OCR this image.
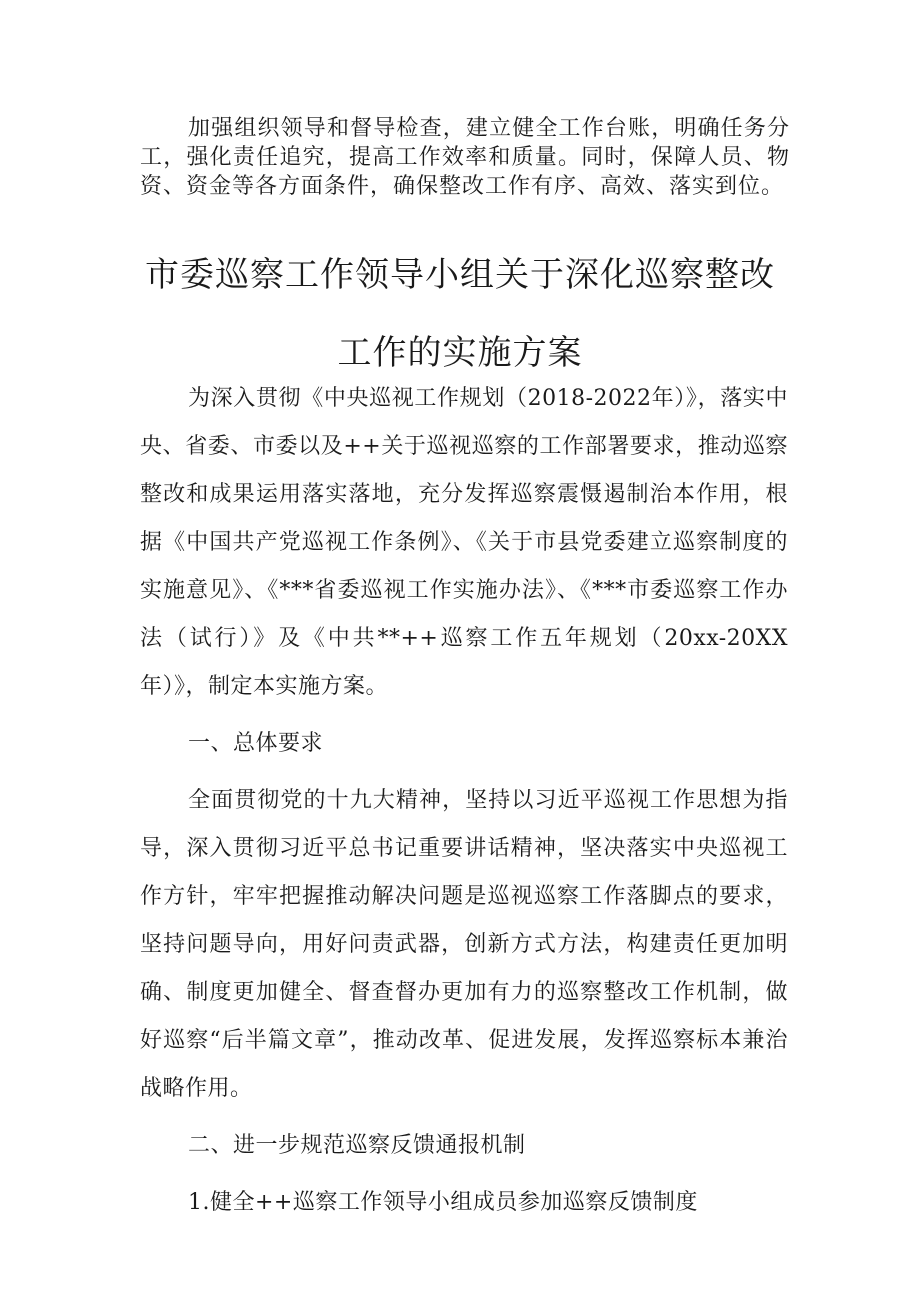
加强组织领导和督导检查，建立健全工作台账，明确任务分工，强化责任追究，提高工作效率和质量。同时，保障人员、物资、资金等各方面条件，确保整改工作有序、高效、落实到位。

市委巡察工作领导小组关于深化巡察整改
工作的实施方案

为深入贯彻《中央巡视工作规划（2018-2022年）》，落实中央、省委、市委以及++关于巡视巡察的工作部署要求，推动巡察整改和成果运用落实落地，充分发挥巡察震慑遏制治本作用，根据《中国共产党巡视工作条例》、《关于市县党委建立巡察制度的实施意见》、《***省委巡视工作实施办法》、《***市委巡察工作办法（试行）》及《中共**++巡察工作五年规划（20xx-20XX年）》，制定本实施方案。

一、总体要求

全面贯彻党的十九大精神，坚持以习近平巡视工作思想为指导，深入贯彻习近平总书记重要讲话精神，坚决落实中央巡视工作方针，牢牢把握推动解决问题是巡视巡察工作落脚点的要求，坚持问题导向，用好问责武器，创新方式方法，构建责任更加明确、制度更加健全、督查督办更加有力的巡察整改工作机制，做好巡察“后半篇文章”，推动改革、促进发展，发挥巡察标本兼治战略作用。

二、进一步规范巡察反馈通报机制

1.健全++巡察工作领导小组成员参加巡察反馈制度
